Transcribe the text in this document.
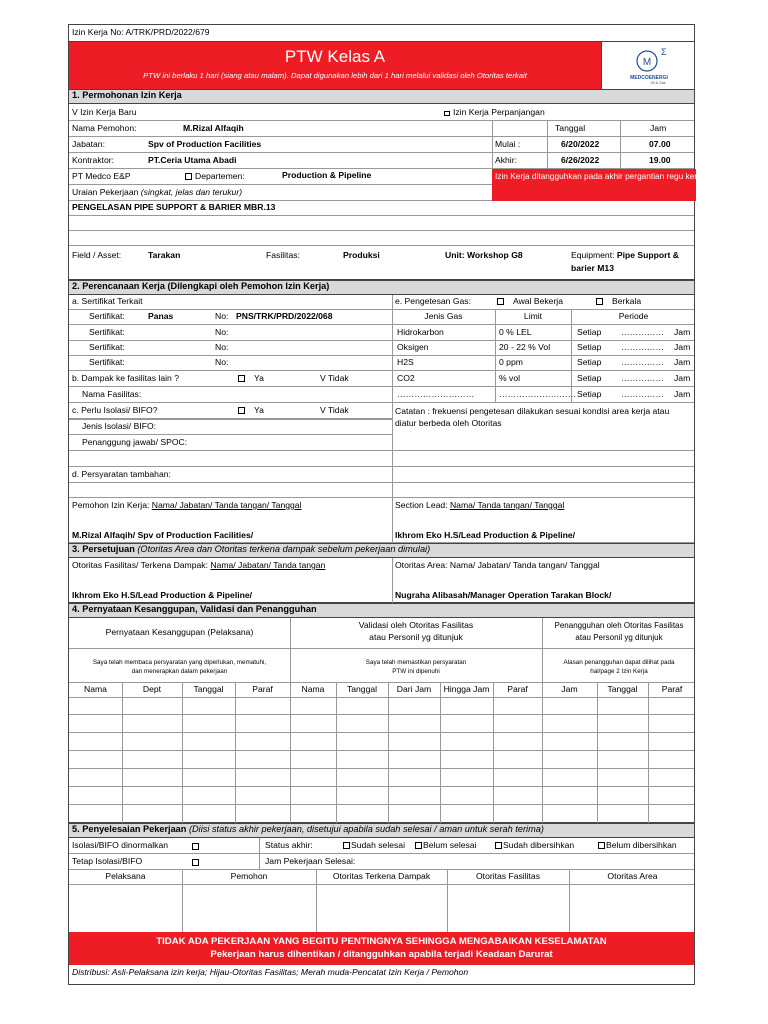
Izin Kerja No: A/TRK/PRD/2022/679
PTW Kelas A
PTW ini berlaku 1 hari (siang atau malam). Dapat digunakan lebih dari 1 hari melalui validasi oleh Otoritas terkait
M
Σ
MEDCOENERGI
Oil & Gas
1. Permohonan Izin Kerja
V Izin Kerja Baru	Izin Kerja Perpanjangan
Nama Pemohon:	M.Rizal Alfaqih	Tanggal	Jam
Jabatan:	Spv of Production Facilities	Mulai :	6/20/2022	07.00
Kontraktor:	PT.Ceria Utama Abadi	Akhir:	6/26/2022	19.00
PT Medco E&P	Departemen:	Production & Pipeline	Izin Kerja ditangguhkan pada akhir pergantian regu kerja / shift harian
Uraian Pekerjaan (singkat, jelas dan terukur)
PENGELASAN PIPE SUPPORT & BARIER MBR.13
Field / Asset:	Tarakan	Fasilitas:	Produksi	Unit: Workshop G8	Equipment: Pipe Support &
barier M13
2. Perencanaan Kerja (Dilengkapi oleh Pemohon Izin Kerja)
a. Sertifikat Terkait	e. Pengetesan Gas:	Awal Bekerja	Berkala
Sertifikat:	Panas	No: PNS/TRK/PRD/2022/068	Jenis Gas	Limit	Periode
Sertifikat:	No:	Hidrokarbon	0 % LEL	Setiap …………… Jam
Sertifikat:	No:	Oksigen	20 - 22 % Vol	Setiap …………… Jam
Sertifikat:	No:	H2S	0 ppm	Setiap …………… Jam
b. Dampak ke fasilitas lain ?	Ya	V Tidak	CO2	% vol	Setiap …………… Jam
Nama Fasilitas:	………………………	……………………… Setiap …………… Jam
c. Perlu Isolasi/ BIFO?	Ya	V Tidak	Catatan : frekuensi pengetesan dilakukan sesuai kondisi area kerja atau diatur berbeda oleh Otoritas
Jenis Isolasi/ BIFO:
Penanggung jawab/ SPOC:
d. Persyaratan tambahan:
Pemohon Izin Kerja: Nama/ Jabatan/ Tanda tangan/ Tanggal
M.Rizal Alfaqih/ Spv of Production Facilities/
Section Lead: Nama/ Tanda tangan/ Tanggal
Ikhrom Eko H.S/Lead Production & Pipeline/
3. Persetujuan (Otoritas Area dan Otoritas terkena dampak sebelum pekerjaan dimulai)
Otoritas Fasilitas/ Terkena Dampak: Nama/ Jabatan/ Tanda tangan
Ikhrom Eko H.S/Lead Production & Pipeline/
Otoritas Area: Nama/ Jabatan/ Tanda tangan/ Tanggal
Nugraha Alibasah/Manager Operation Tarakan Block/
4. Pernyataan Kesanggupan, Validasi dan Penangguhan
Pernyataan Kesanggupan (Pelaksana)
Validasi oleh Otoritas Fasilitas
atau Personil yg ditunjuk
Penangguhan oleh Otoritas Fasilitas
atau Personil yg ditunjuk
Saya telah membaca persyaratan yang diperlukan, mematuhi,
dan menerapkan dalam pekerjaan
Saya telah memastikan persyaratan
PTW ini dipenuhi
Alasan penangguhan dapat dilihat pada
hal/page 2 Izin Kerja
Nama	Dept	Tanggal	Paraf	Nama	Tanggal	Dari Jam	Hingga Jam	Paraf	Jam	Tanggal	Paraf
5. Penyelesaian Pekerjaan (Diisi status akhir pekerjaan, disetujui apabila sudah selesai / aman untuk serah terima)
Isolasi/BIFO dinormalkan	Status akhir:	Sudah selesai	Belum selesai	Sudah dibersihkan	Belum dibersihkan
Tetap Isolasi/BIFO	Jam Pekerjaan Selesai:
Pelaksana	Pemohon	Otoritas Terkena Dampak	Otoritas Fasilitas	Otoritas Area
TIDAK ADA PEKERJAAN YANG BEGITU PENTINGNYA SEHINGGA MENGABAIKAN KESELAMATAN
Pekerjaan harus dihentikan / ditangguhkan apabila terjadi Keadaan Darurat
Distribusi: Asli-Pelaksana izin kerja; Hijau-Otoritas Fasilitas; Merah muda-Pencatat Izin Kerja / Pemohon
